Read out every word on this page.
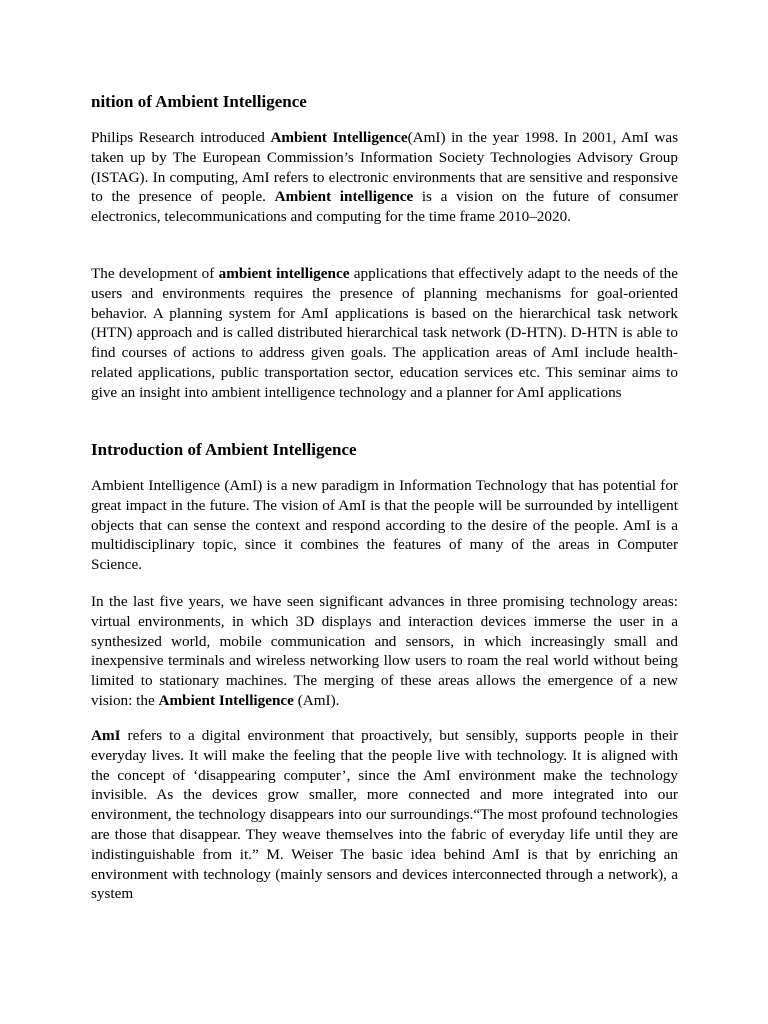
nition of Ambient Intelligence

Philips Research introduced Ambient Intelligence(AmI) in the year 1998. In 2001, AmI was taken up by The European Commission’s Information Society Technologies Advisory Group (ISTAG). In computing, AmI refers to electronic environments that are sensitive and responsive to the presence of people. Ambient intelligence is a vision on the future of consumer electronics, telecommunications and computing for the time frame 2010–2020.

The development of ambient intelligence applications that effectively adapt to the needs of the users and environments requires the presence of planning mechanisms for goal-oriented behavior. A planning system for AmI applications is based on the hierarchical task network (HTN) approach and is called distributed hierarchical task network (D-HTN). D-HTN is able to find courses of actions to address given goals. The application areas of AmI include health-related applications, public transportation sector, education services etc. This seminar aims to give an insight into ambient intelligence technology and a planner for AmI applications

Introduction of Ambient Intelligence

Ambient Intelligence (AmI) is a new paradigm in Information Technology that has potential for great impact in the future. The vision of AmI is that the people will be surrounded by intelligent objects that can sense the context and respond according to the desire of the people. AmI is a multidisciplinary topic, since it combines the features of many of the areas in Computer Science.

In the last five years, we have seen significant advances in three promising technology areas: virtual environments, in which 3D displays and interaction devices immerse the user in a synthesized world, mobile communication and sensors, in which increasingly small and inexpensive terminals and wireless networking llow users to roam the real world without being limited to stationary machines. The merging of these areas allows the emergence of a new vision: the Ambient Intelligence (AmI).

AmI refers to a digital environment that proactively, but sensibly, supports people in their everyday lives. It will make the feeling that the people live with technology. It is aligned with the concept of ‘disappearing computer’, since the AmI environment make the technology invisible. As the devices grow smaller, more connected and more integrated into our environment, the technology disappears into our surroundings.“The most profound technologies are those that disappear. They weave themselves into the fabric of everyday life until they are indistinguishable from it.” M. Weiser The basic idea behind AmI is that by enriching an environment with technology (mainly sensors and devices interconnected through a network), a system
